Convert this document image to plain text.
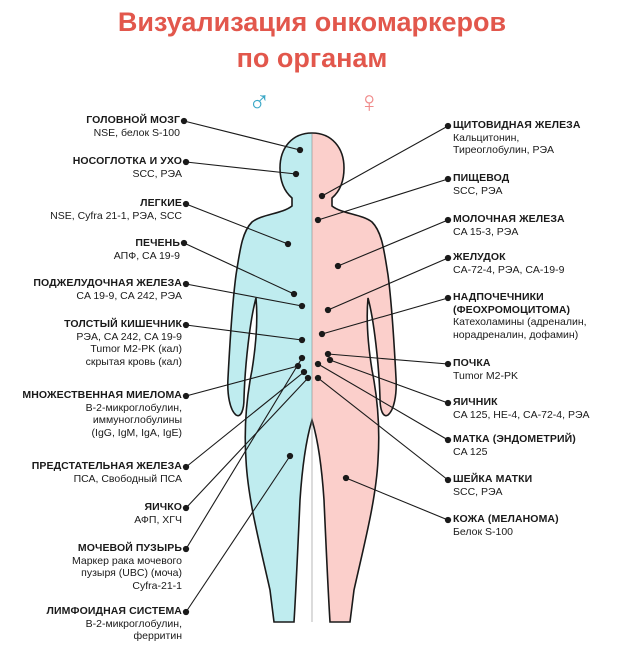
Визуализация онкомаркеров
по органам
♂	♀
ГОЛОВНОЙ МОЗГ
NSE, белок S-100
НОСОГЛОТКА И УХО
SCC, РЭА
ЛЕГКИЕ
NSE, Cyfra 21-1, РЭА, SCC
ПЕЧЕНЬ
АПФ, CA 19-9
ПОДЖЕЛУДОЧНАЯ ЖЕЛЕЗА
CA 19-9, CA 242, РЭА
ТОЛСТЫЙ КИШЕЧНИК
РЭА, CA 242, CA 19-9
Tumor M2-PK (кал)
скрытая кровь (кал)
МНОЖЕСТВЕННАЯ МИЕЛОМА
B-2-микроглобулин,
иммуноглобулины
(IgG, IgM, IgA, IgE)
ПРЕДСТАТЕЛЬНАЯ ЖЕЛЕЗА
ПСА, Свободный ПСА
ЯИЧКО
АФП, ХГЧ
МОЧЕВОЙ ПУЗЫРЬ
Маркер рака мочевого
пузыря (UBC) (моча)
Cyfra-21-1
ЛИМФОИДНАЯ СИСТЕМА
B-2-микроглобулин,
ферритин
ЩИТОВИДНАЯ ЖЕЛЕЗА
Кальцитонин,
Тиреоглобулин, РЭА
ПИЩЕВОД
SCC, РЭА
МОЛОЧНАЯ ЖЕЛЕЗА
CA 15-3, РЭА
ЖЕЛУДОК
CA-72-4, РЭА, CA-19-9
НАДПОЧЕЧНИКИ
(ФЕОХРОМОЦИТОМА)
Катехоламины (адреналин,
норадреналин, дофамин)
ПОЧКА
Tumor M2-PK
ЯИЧНИК
CA 125, HE-4, CA-72-4, РЭА
МАТКА (ЭНДОМЕТРИЙ)
CA 125
ШЕЙКА МАТКИ
SCC, РЭА
КОЖА (МЕЛАНОМА)
Белок S-100
